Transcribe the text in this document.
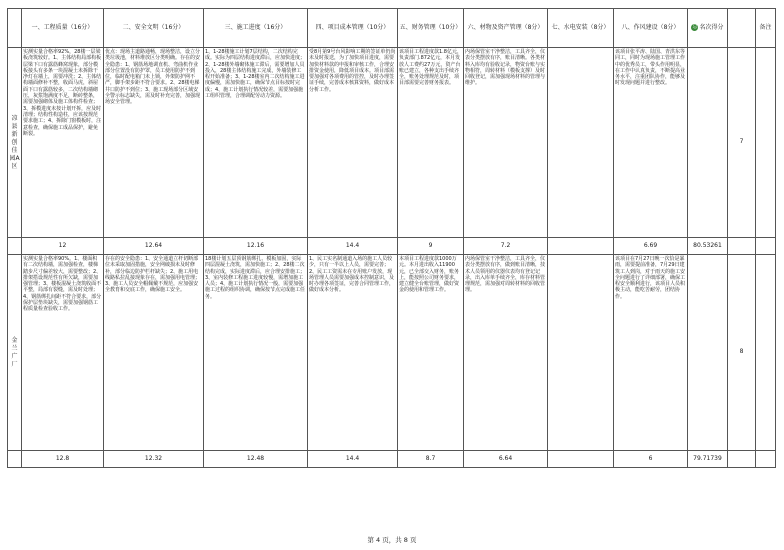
	一、工程质量（16分）	二、安全文明（16分）	三、施工进度（16分）	四、项目成本管理（10分）	五、财务管理（10分）	六、材物及资产管理（8分）	七、水电安装（8分）	八、作风建设（8分）	总 名次得分		备注
凉县新创佳园A区	实测实量合格率92%，28楼一层梁板浇筑较好。1、主体结构局部构板层梁下口有露筋蜂窝现象，部分模板接头有多条一块混凝土未拆除干净灯在墙上，需要冲洗；2、主体结构墙面修补不整，收面马虎，斜屋面下口有露筋较多，二次结构墙砌压，灰浆饱满度不足，断砖整条，需要加强砌体及施工体构件检查；3、拆模进度未按计划开拆，应及时清理；结构性构造柱，应该按规范要求施工；4、拆除门窗模板时，注意检查，确保施工成品保护，避免断裂。	优点：现场主道路通畅，现场整洁，设立分类垃圾池，材料堆放区分类明确。存在的安全隐患：1、钢筋场地调直机、弯曲机作业部分位置没有防护罩，员工使用防护不到位，临时配电箱门未上锁，外架防护网不严，脚手架步距不符合要求。2、28楼电梯井口防护不到位；3、施工现场部分区域安全警示标志缺失，需及时补充完善，加强现场安全管理。	1、1-28楼施工计划7层结构，二次结构完成。实际为四层结构进度滞后，应加快进度；2、1-28楼外墙砌体施工滞后，需要增加人员投入，28楼主体结构施工完成，外墙装修工程开始准备；3、1-28楼室内二次结构施工进度偏慢，需加快施工，确保节点目标按时完成；4、施工计划执行情况较差，需要加强施工组织管理，合理调配劳动力资源。	受8月第9号台风影响工期的签证单仍尚未及时报送，为了加快项目进度，需要加快材料款的申报和审核工作，合理安排资金使用，降低项目成本。项目部需要加强对各项费用的管控，及时办理签证手续，完善成本核算资料，做好成本分析工作。	该项目工程进度款1.8亿元，负责部门.872亿元，本月发放人工费约27万元，资产台账已建立，各种支出手续齐全，账务处理规范及时，项目部需要完善财务报表。	内场保管室干净整洁，工具齐全，仪表分类摆放有序，账目清晰。各类材料入库均有验收记录，物资台账与实物相符，周转材料（模板支撑）及时回收登记，需加强现场材料的管理与维护。		该项目张平涛、陆国、青洪东等同工，同时为现场施工管理工作中的优秀员工，带头作用明显，在工作中认真负责，不断提高业务水平，注重团队协作，能够及时发现问题并进行整改。		7	
	12	12.64	12.16	14.4	9	7.2		6.69	80.53261		
金兰广厂	实测实量合格率90%。1、楼面积有二次结构墙，需加强检查，楼梯踏步尺寸偏差较大，需要整改；2、排架搭设规范性有所欠缺，需要加强管理；3、楼板混凝土浇筑收面不平整，局部有裂缝，需及时处理；4、钢筋绑扎间距不符合要求，部分保护层垫块缺失，需要加强钢筋工程质量检查验收工作。	存在的安全隐患：1、安全通道立杆切断部位未采取加固措施，安全网破损未及时修补，部分临边防护栏杆缺失；2、施工用电线路私拉乱接现象存在，需加强用电管理；3、施工人员安全帽佩戴不规范，应加强安全教育和交底工作，确保施工安全。	18楼计划五层顶钢筋绑扎、模板加固，实际四层混凝土浇筑，需加快施工；2、28楼二次结构完成，实际进度滞后，应合理安排施工；3、室内装修工程施工进度较慢，需增加施工人员；4、施工计划执行情况一般，需要加强施工过程的组织协调，确保按节点完成施工任务。	1、民工实名制通道入场的施工人员较少，只有一半以上人员，需要完善；2、民工工资需未在专用账户发放，现场管理人员需要加强成本控制意识，及时办理各项签证，完善合同管理工作，做好成本分析。	本项目工程进度款1000万元。本月进出收入11900元，已全部交入财务，账务上，能按照公司财务要求，建立健全台账管理，做好资金的使用和管理工作。	内场保管室干净整洁，工具齐全，仪表分类摆放有序，做到账目清晰，技术人员领用的仪器仪表均有登记记录，出入库单手续齐全，库存材料管理规范，需加强对周转材料的回收管理。		该项目在7月27日晚一次恰是暴雨，需要提前准备，7月29日建筑工人到岗，对于雨天的施工安全问题进行了详细部署，确保工程安全顺利进行，该项目人员积极主动，能吃苦耐劳，团结协作。		8	
	12.8	12.32	12.48	14.4	8.7	6.64		6	79.71739		
第 4 页，共 8 页
